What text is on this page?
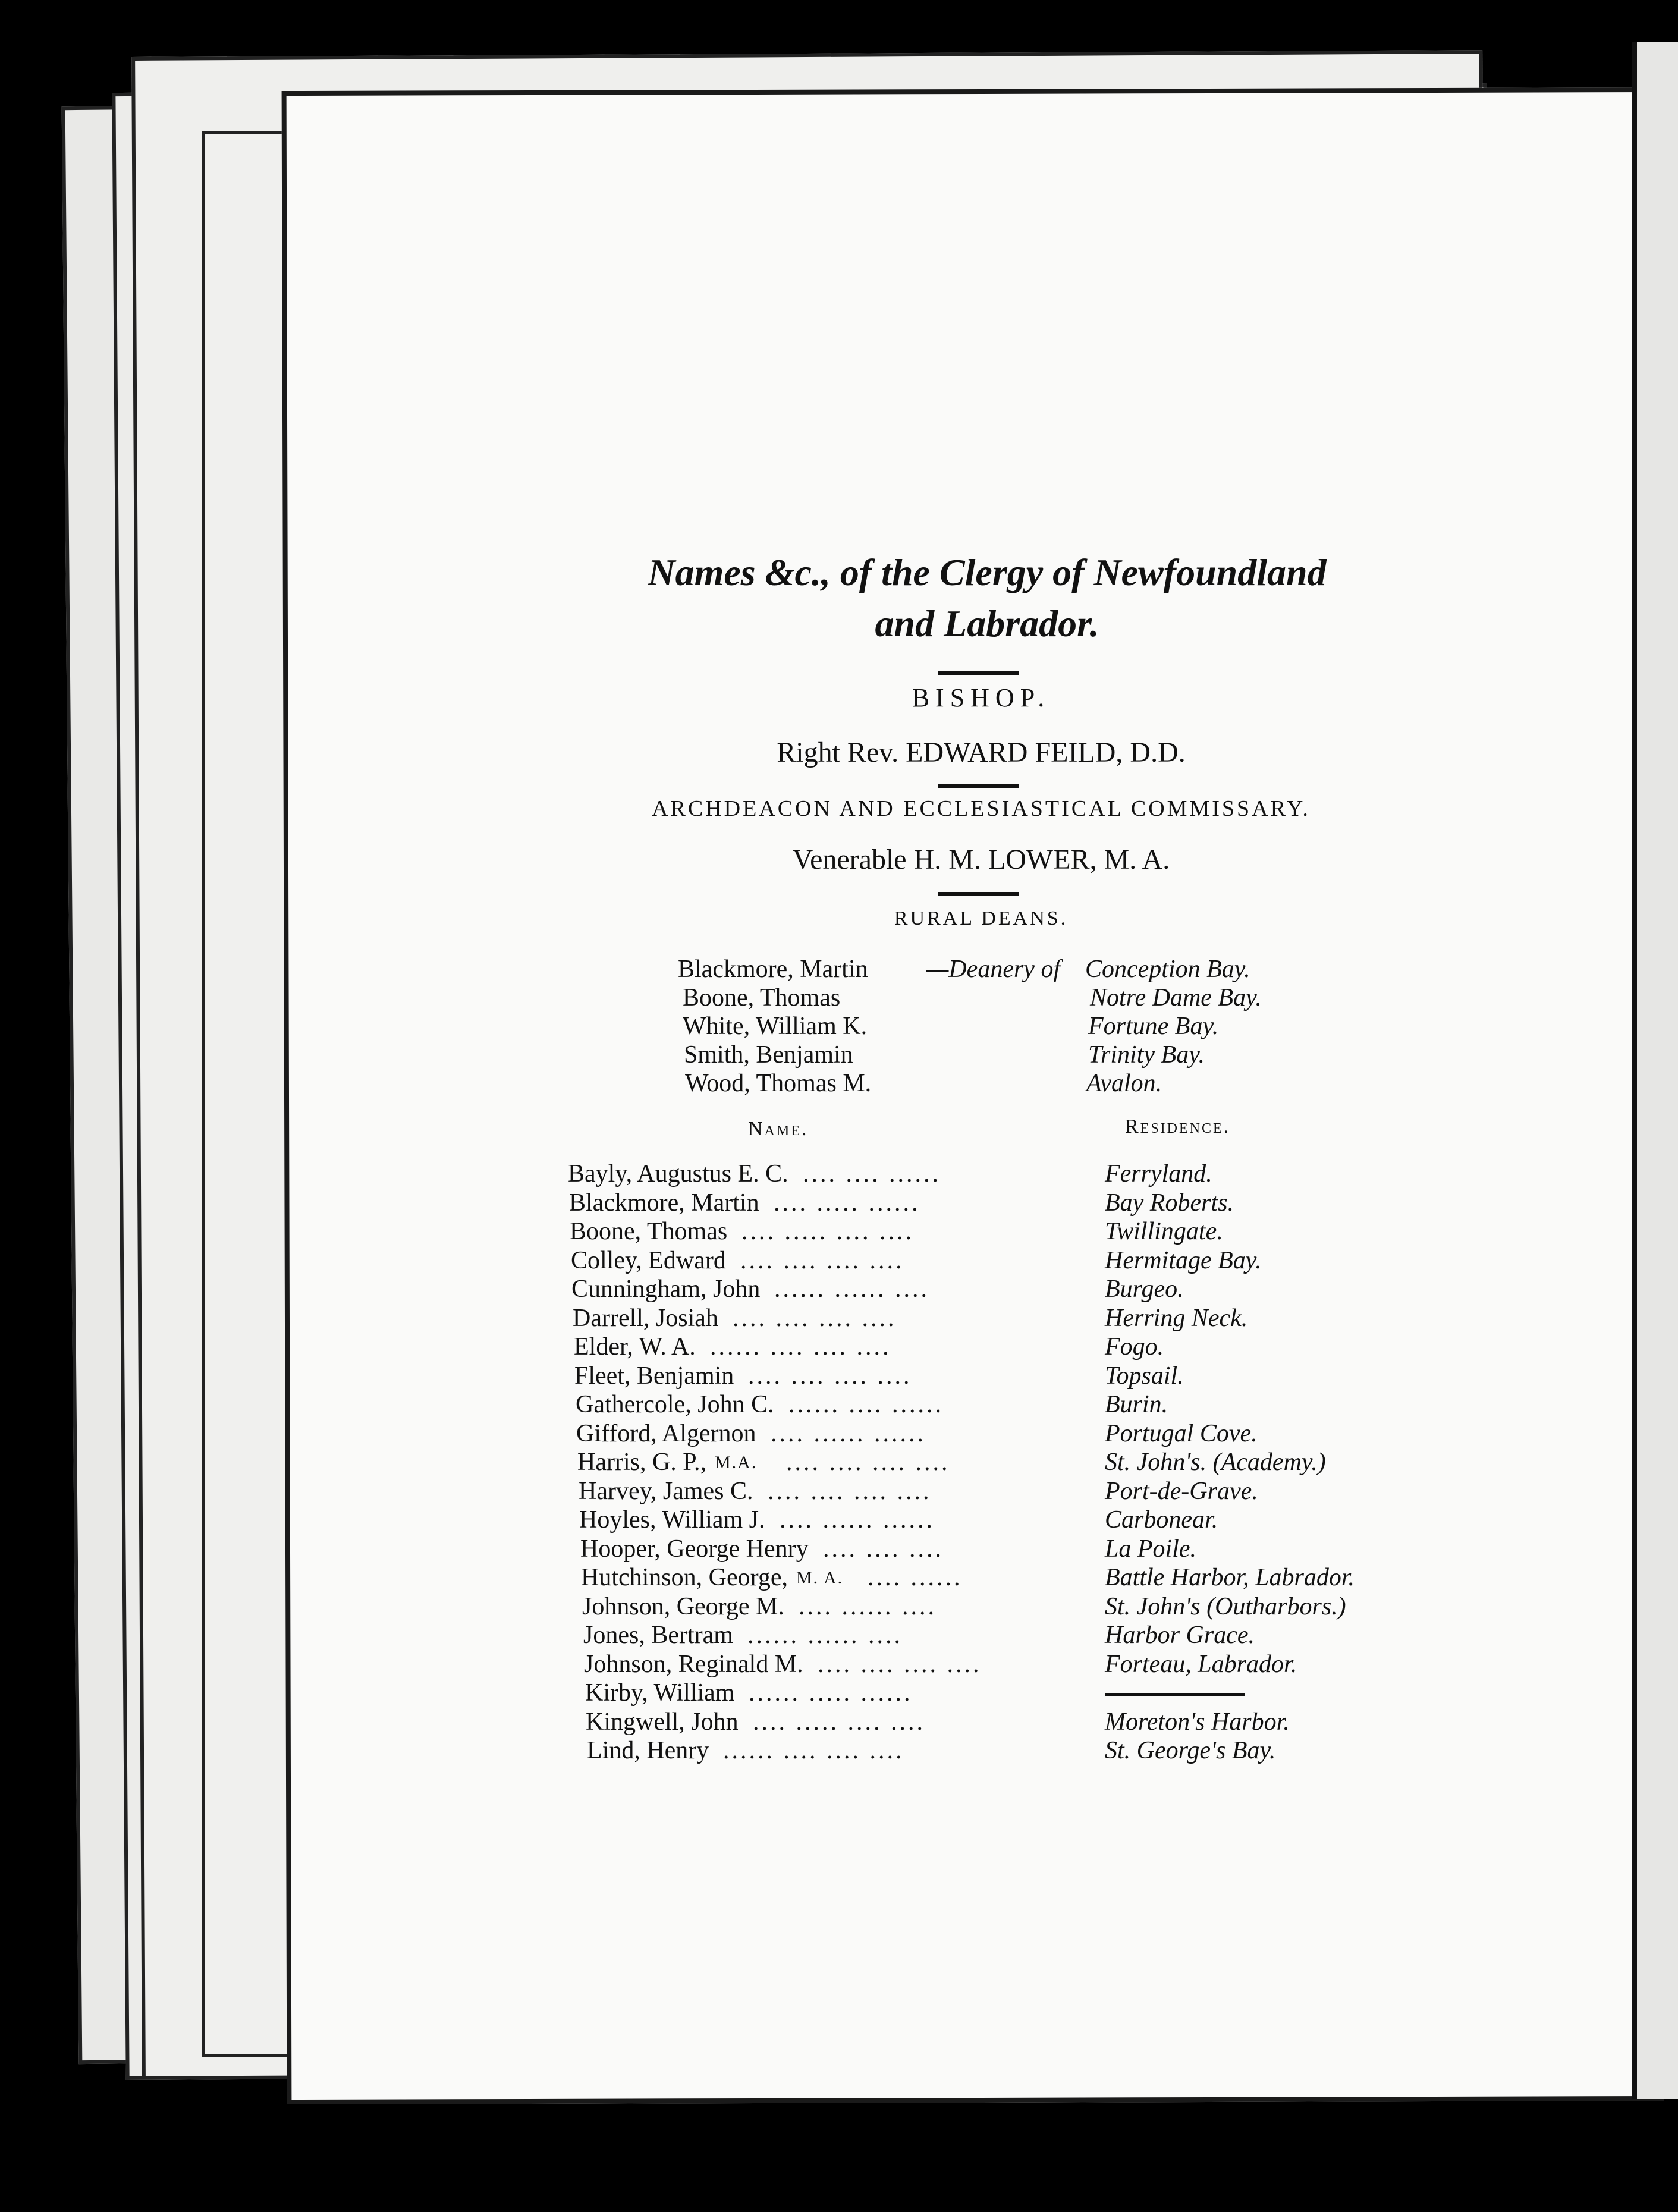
Names &c., of the Clergy of Newfoundland
and Labrador.
BISHOP.
Right Rev. EDWARD FEILD, D.D.
ARCHDEACON AND ECCLESIASTICAL COMMISSARY.
Venerable H. M. LOWER, M. A.
RURAL DEANS.
Blackmore, Martin —Deanery of Conception Bay.
Boone, Thomas	Notre Dame Bay.
White, William K.	Fortune Bay.
Smith, Benjamin	Trinity Bay.
Wood, Thomas M.	Avalon.
Name.	Residence.
Bayly, Augustus E. C. .... .... ......	Ferryland.
Blackmore, Martin .... ..... ......	Bay Roberts.
Boone, Thomas .... ..... .... ....	Twillingate.
Colley, Edward .... .... .... ....	Hermitage Bay.
Cunningham, John ...... ...... ....	Burgeo.
Darrell, Josiah .... .... .... ....	Herring Neck.
Elder, W. A. ...... .... .... ....	Fogo.
Fleet, Benjamin .... .... .... ....	Topsail.
Gathercole, John C. ...... .... ......	Burin.
Gifford, Algernon .... ...... ......	Portugal Cove.
Harris, G. P., M.A. .... .... .... ....	St. John's. (Academy.)
Harvey, James C. .... .... .... ....	Port-de-Grave.
Hoyles, William J. .... ...... ......	Carbonear.
Hooper, George Henry .... .... ....	La Poile.
Hutchinson, George, M. A. .... ......	Battle Harbor, Labrador.
Johnson, George M. .... ...... ....	St. John's (Outharbors.)
Jones, Bertram ...... ...... ....	Harbor Grace.
Johnson, Reginald M. .... .... .... ....	Forteau, Labrador.
Kirby, William ...... ..... ......
Kingwell, John .... ..... .... ....	Moreton's Harbor.
Lind, Henry ...... .... .... ....	St. George's Bay.
